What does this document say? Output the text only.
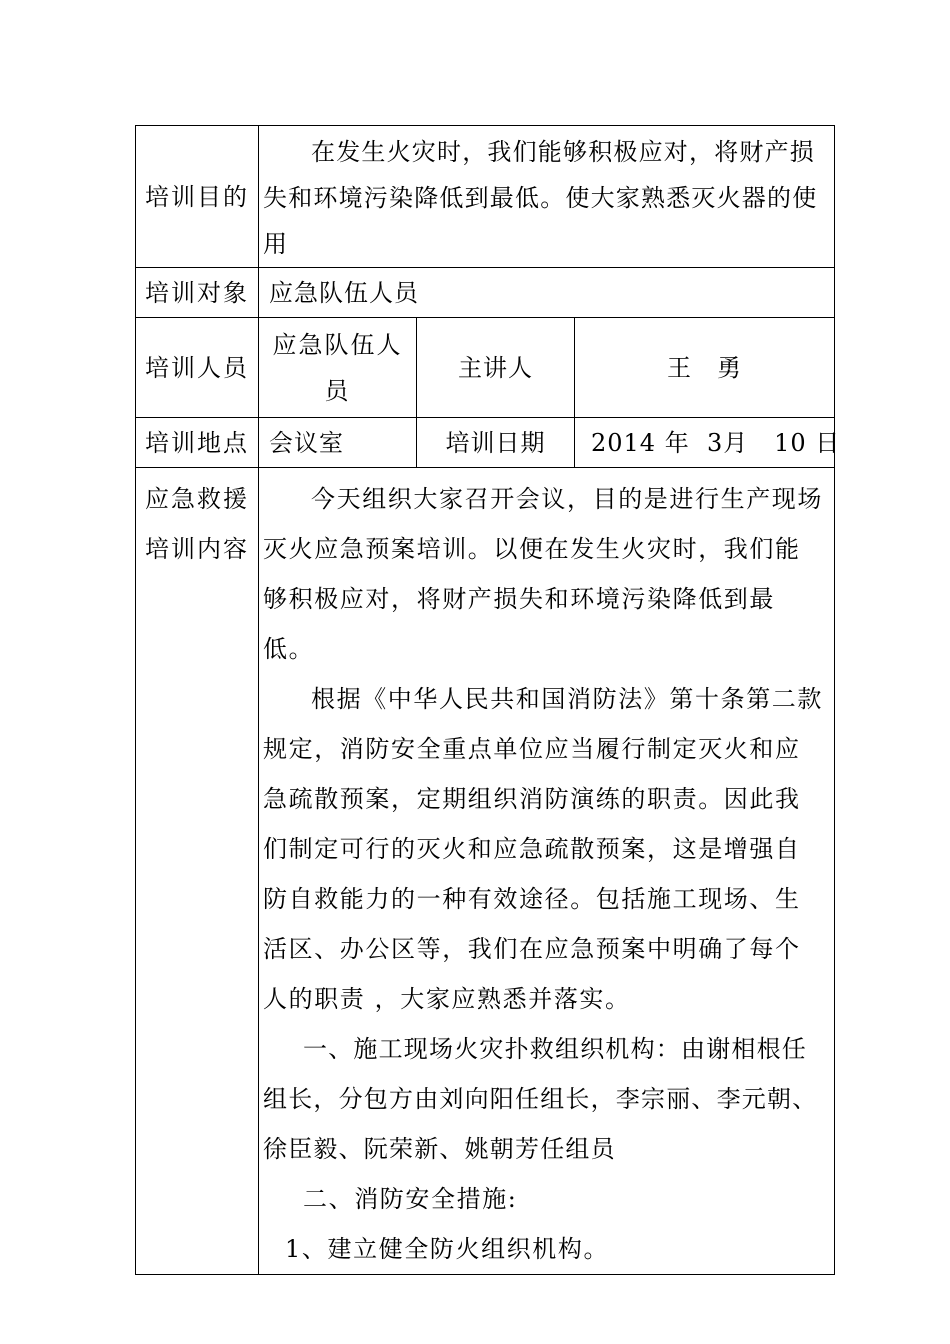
培训目的	在发生火灾时，我们能够积极应对，将财产损失和环境污染降低到最低。使大家熟悉灭火器的使用		

培训对象	应急队伍人员		
培训人员	应急队伍人员	主讲人	王　勇
培训地点	会议室	培训日期	2014 年  3月   10 日
应急救援培训内容	今天组织大家召开会议，目的是进行生产现场灭火应急预案培训。以便在发生火灾时，我们能够积极应对，将财产损失和环境污染降低到最低。

根据《中华人民共和国消防法》第十条第二款规定，消防安全重点单位应当履行制定灭火和应急疏散预案，定期组织消防演练的职责。因此我们制定可行的灭火和应急疏散预案，这是增强自防自救能力的一种有效途径。包括施工现场、生活区、办公区等，我们在应急预案中明确了每个人的职责 ，大家应熟悉并落实。

一、施工现场火灾扑救组织机构：由谢相根任组长，分包方由刘向阳任组长，李宗丽、李元朝、徐臣毅、阮荣新、姚朝芳任组员

二、消防安全措施:

1、建立健全防火组织机构。		
